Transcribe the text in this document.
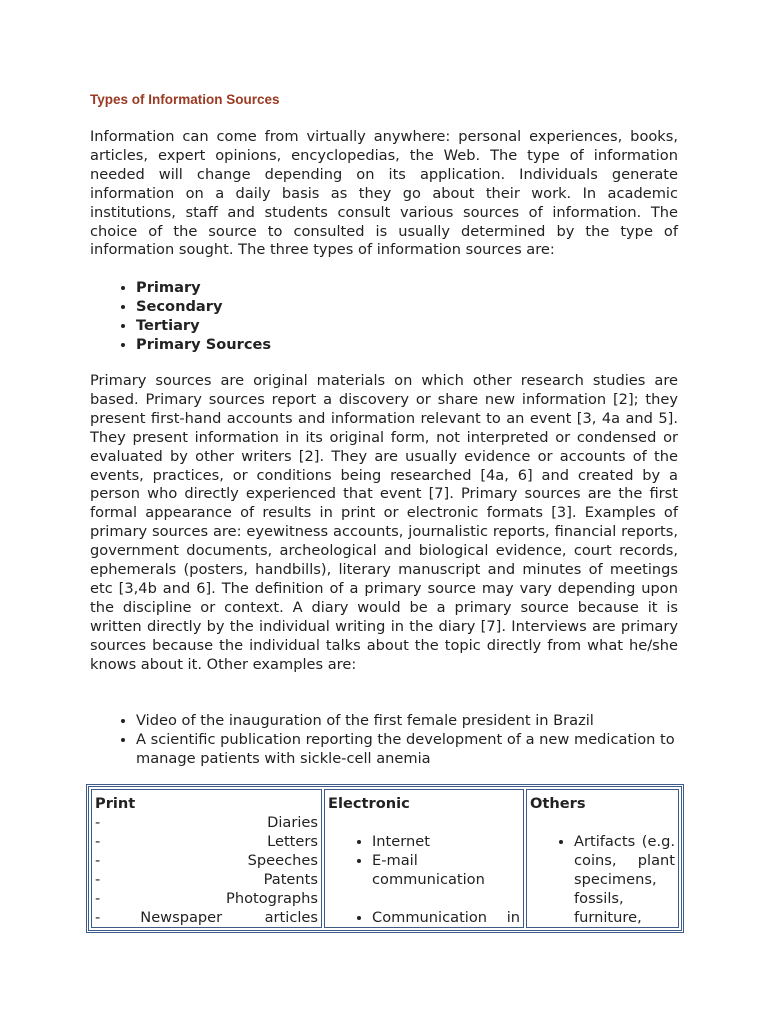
Types of Information Sources

Information can come from virtually anywhere: personal experiences, books, articles, expert opinions, encyclopedias, the Web. The type of information needed will change depending on its application. Individuals generate information on a daily basis as they go about their work. In academic institutions, staff and students consult various sources of information. The choice of the source to consulted is usually determined by the type of information sought. The three types of information sources are:

• Primary
• Secondary
• Tertiary
• Primary Sources

Primary sources are original materials on which other research studies are based. Primary sources report a discovery or share new information [2]; they present first-hand accounts and information relevant to an event [3, 4a and 5]. They present information in its original form, not interpreted or condensed or evaluated by other writers [2]. They are usually evidence or accounts of the events, practices, or conditions being researched [4a, 6] and created by a person who directly experienced that event [7]. Primary sources are the first formal appearance of results in print or electronic formats [3]. Examples of primary sources are: eyewitness accounts, journalistic reports, financial reports, government documents, archeological and biological evidence, court records, ephemerals (posters, handbills), literary manuscript and minutes of meetings etc [3,4b and 6]. The definition of a primary source may vary depending upon the discipline or context. A diary would be a primary source because it is written directly by the individual writing in the diary [7]. Interviews are primary sources because the individual talks about the topic directly from what he/she knows about it. Other examples are:

• Video of the inauguration of the first female president in Brazil
• A scientific publication reporting the development of a new medication to manage patients with sickle-cell anemia
Print
-	Diaries
-	Letters
-	Speeches
-	Patents
-	Photographs
-	Newspaper	articles

Electronic
• Internet
• E-mail communication
• Communication in

Others
• Artifacts (e.g. coins, plant specimens, fossils, furniture,
